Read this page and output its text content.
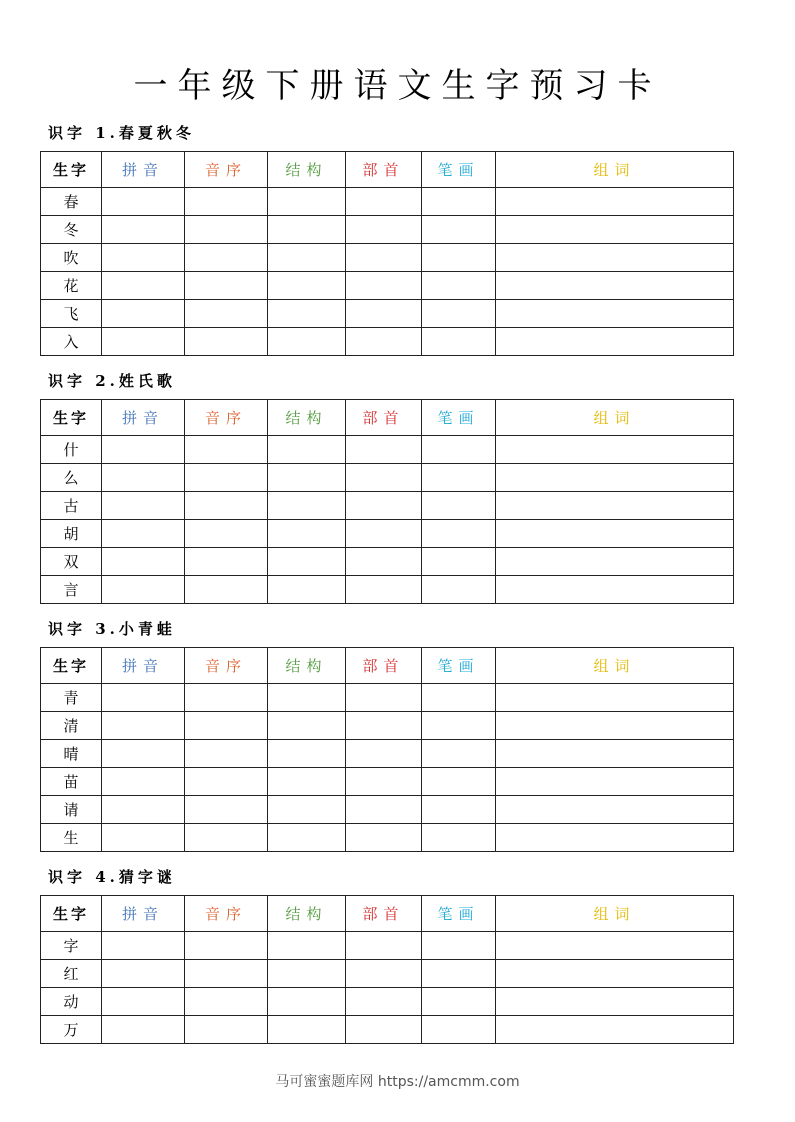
一年级下册语文生字预习卡
识字 1.春夏秋冬
生字	拼音	音序	结构	部首	笔画	组词
春						
冬						
吹						
花						
飞						
入						
识字 2.姓氏歌
生字	拼音	音序	结构	部首	笔画	组词
什						
么						
古						
胡						
双						
言						
识字 3.小青蛙
生字	拼音	音序	结构	部首	笔画	组词
青						
清						
晴						
苗						
请						
生						
识字 4.猜字谜
生字	拼音	音序	结构	部首	笔画	组词
字						
红						
动						
万						
马可蜜蜜题库网 https://amcmm.com
